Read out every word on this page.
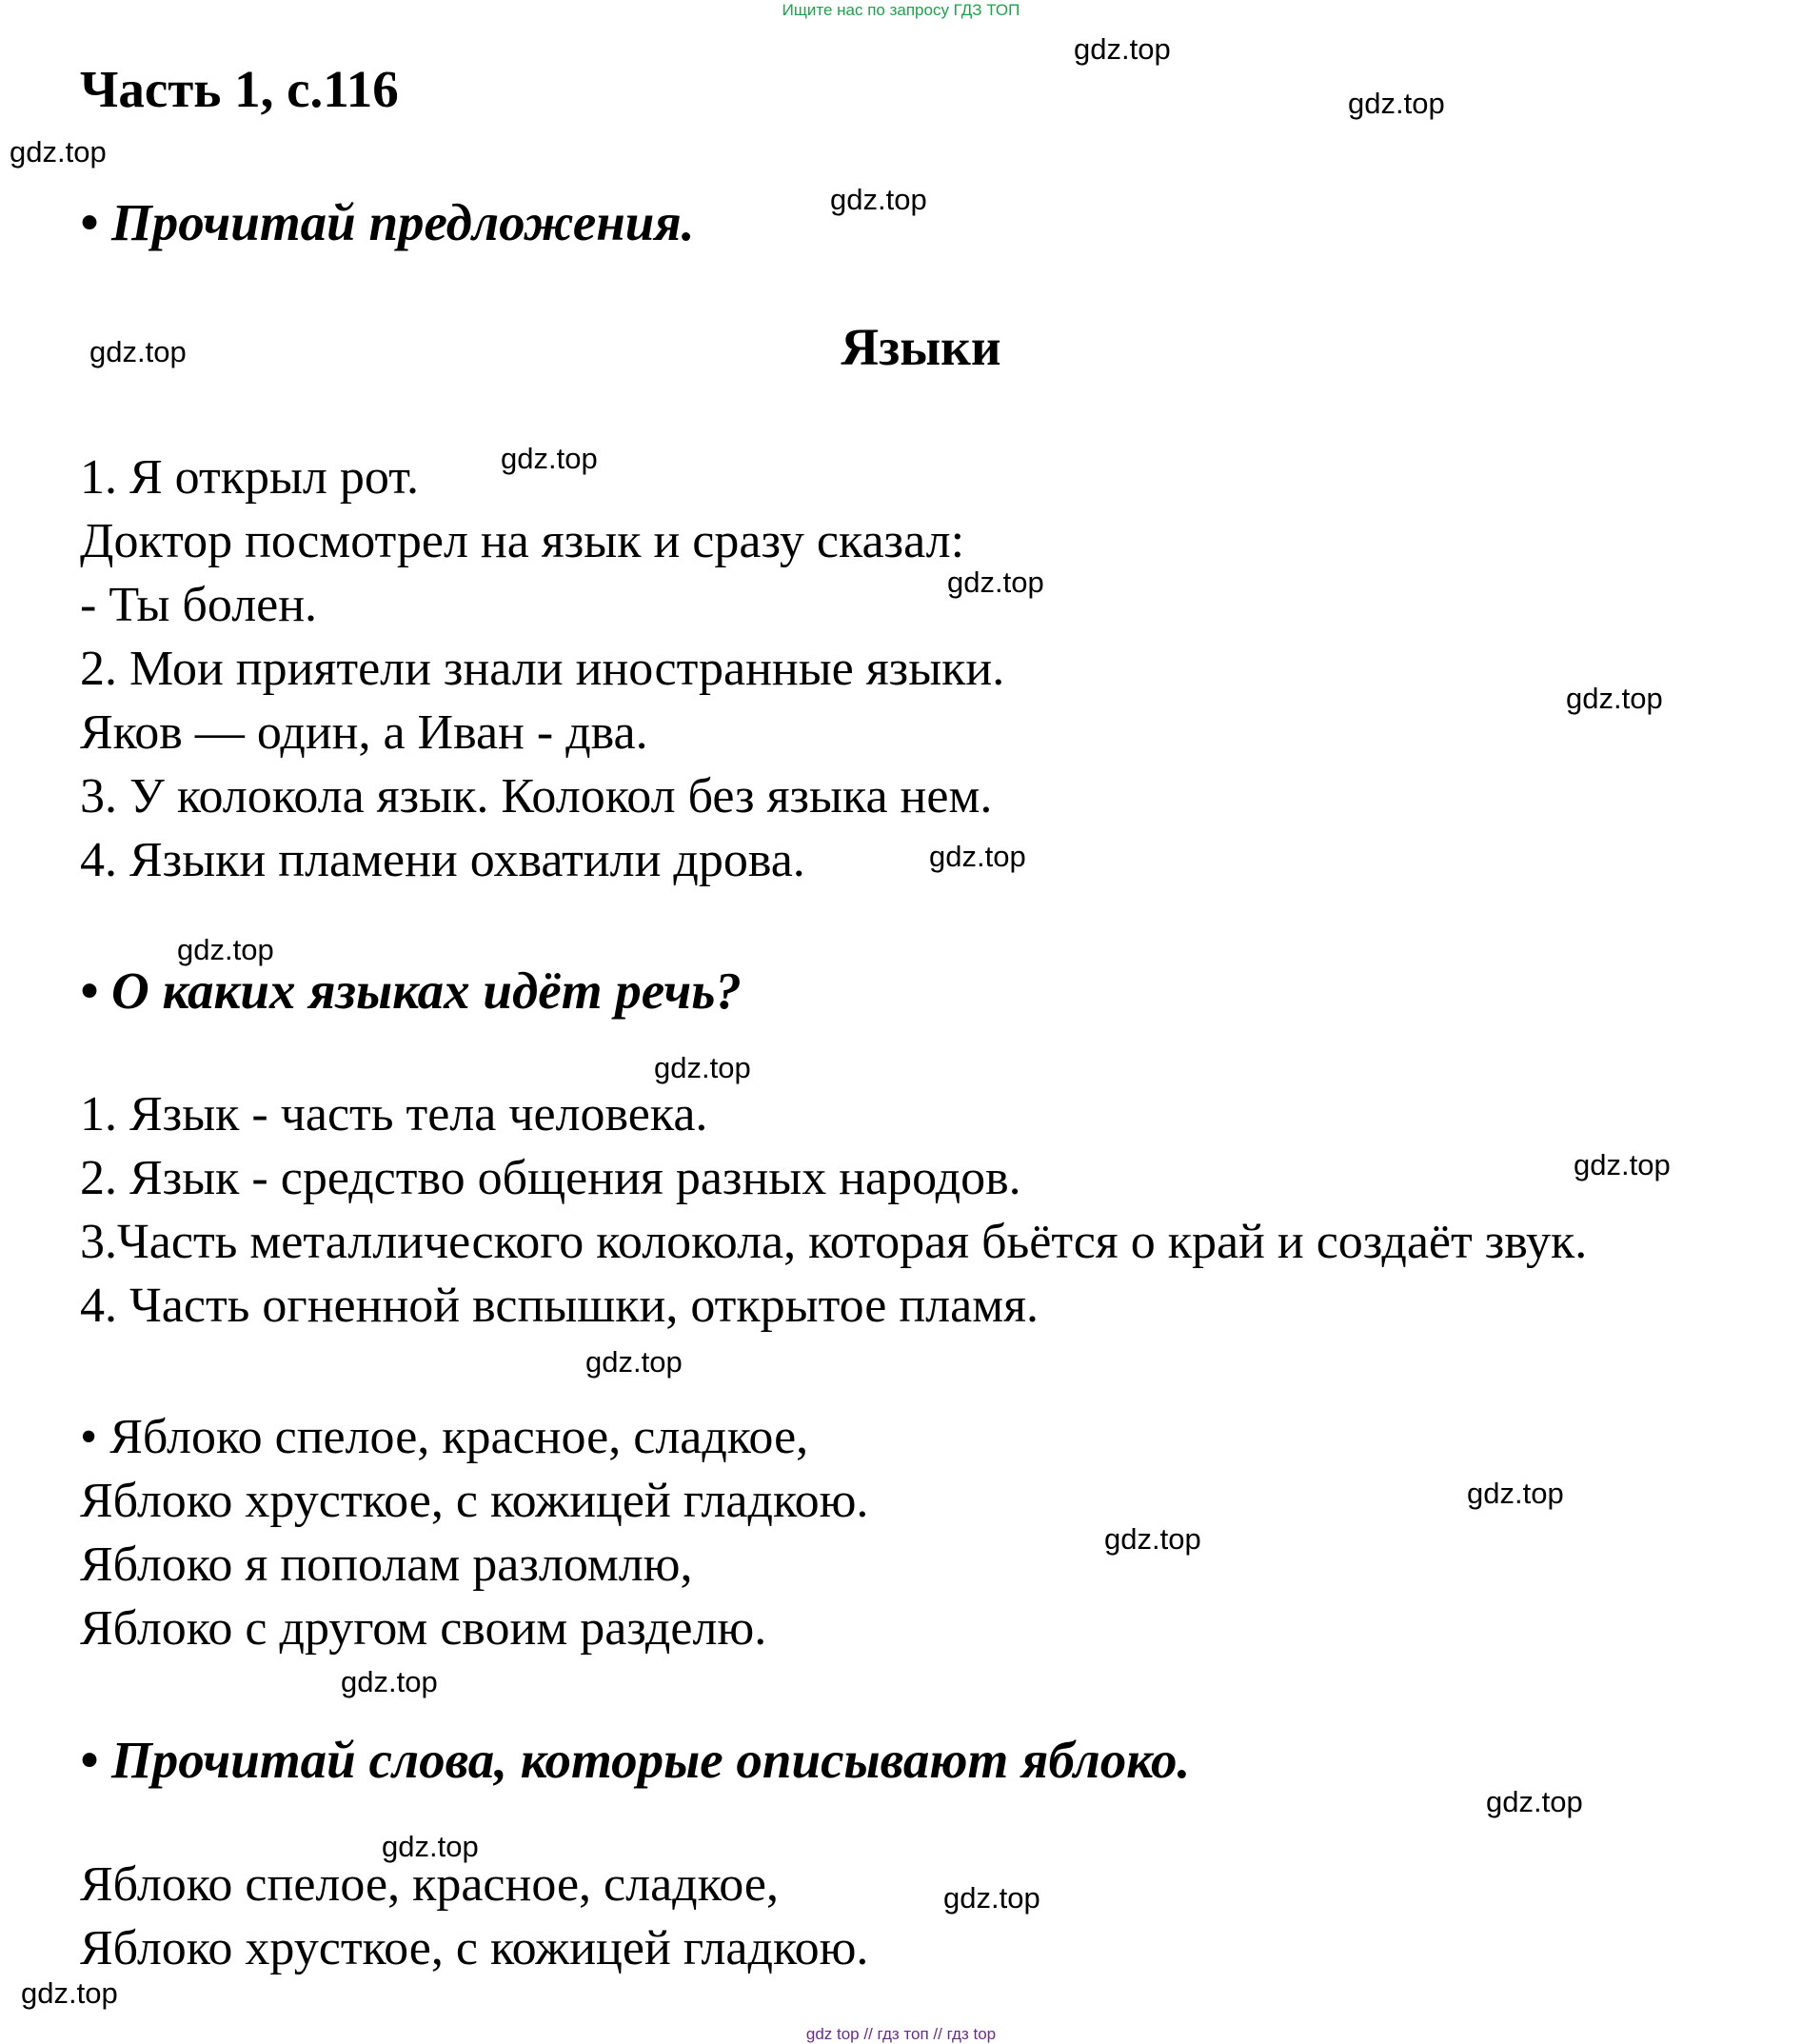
Ищите нас по запросу ГДЗ ТОП
Часть 1, с.116
• Прочитай предложения.
Языки
1. Я открыл рот.
Доктор посмотрел на язык и сразу сказал:
- Ты болен.
2. Мои приятели знали иностранные языки.
Яков — один, а Иван - два.
3. У колокола язык. Колокол без языка нем.
4. Языки пламени охватили дрова.
• О каких языках идёт речь?
1. Язык - часть тела человека.
2. Язык - средство общения разных народов.
3.Часть металлического колокола, которая бьётся о край и создаёт звук.
4. Часть огненной вспышки, открытое пламя.
• Яблоко спелое, красное, сладкое,
Яблоко хрусткое, с кожицей гладкою.
Яблоко я пополам разломлю,
Яблоко с другом своим разделю.
• Прочитай слова, которые описывают яблоко.
Яблоко спелое, красное, сладкое,
Яблоко хрусткое, с кожицей гладкою.
gdz.top
gdz.top
gdz.top
gdz.top
gdz.top
gdz.top
gdz.top
gdz.top
gdz.top
gdz.top
gdz.top
gdz.top
gdz.top
gdz.top
gdz.top
gdz.top
gdz.top
gdz.top
gdz.top
gdz.top
gdz top // гдз топ // гдз top
